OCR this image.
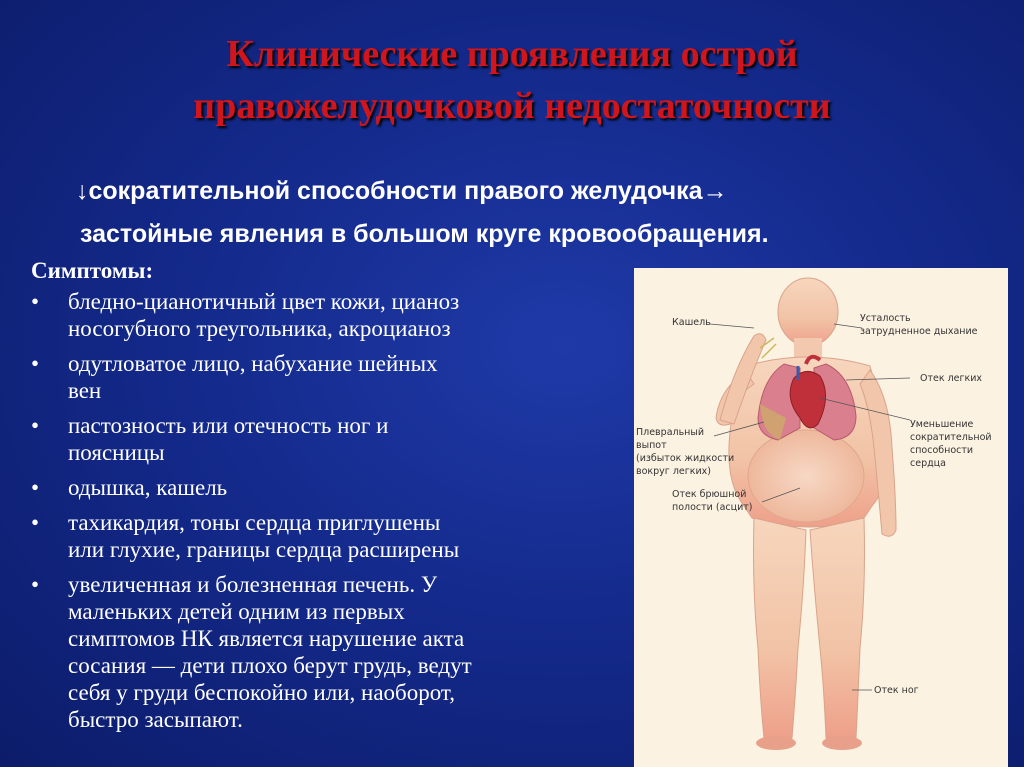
Клинические проявления острой
правожелудочковой недостаточности
↓сократительной способности правого желудочка→
застойные явления в большом круге кровообращения.
Симптомы:
• бледно-цианотичный цвет кожи, цианоз
носогубного треугольника, акроцианоз
• одутловатое лицо, набухание шейных
вен
• пастозность или отечность ног и
поясницы
• одышка, кашель
• тахикардия, тоны сердца приглушены
или глухие, границы сердца расширены
• увеличенная и болезненная печень. У
маленьких детей одним из первых
симптомов НК является нарушение акта
сосания — дети плохо берут грудь, ведут
себя у груди беспокойно или, наоборот,
быстро засыпают.
Кашель	Усталость
затрудненное дыхание
Отек легких
Плевральный
выпот
(избыток жидкости
вокруг легких)
Уменьшение
сократительной
способности
сердца
Отек брюшной
полости (асцит)
Отек ног
